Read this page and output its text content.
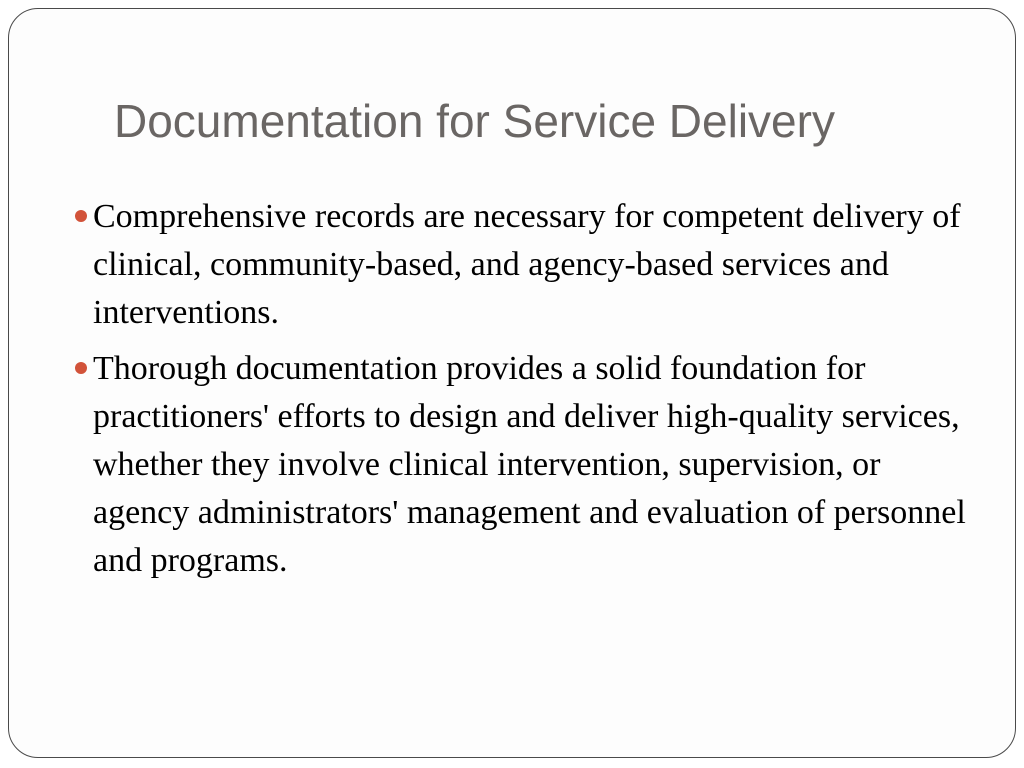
Documentation for Service Delivery
Comprehensive records are necessary for competent delivery of clinical, community-based, and agency-based services and interventions.
Thorough documentation provides a solid foundation for practitioners' efforts to design and deliver high-quality services, whether they involve clinical intervention, supervision, or agency administrators' management and evaluation of personnel and programs.
